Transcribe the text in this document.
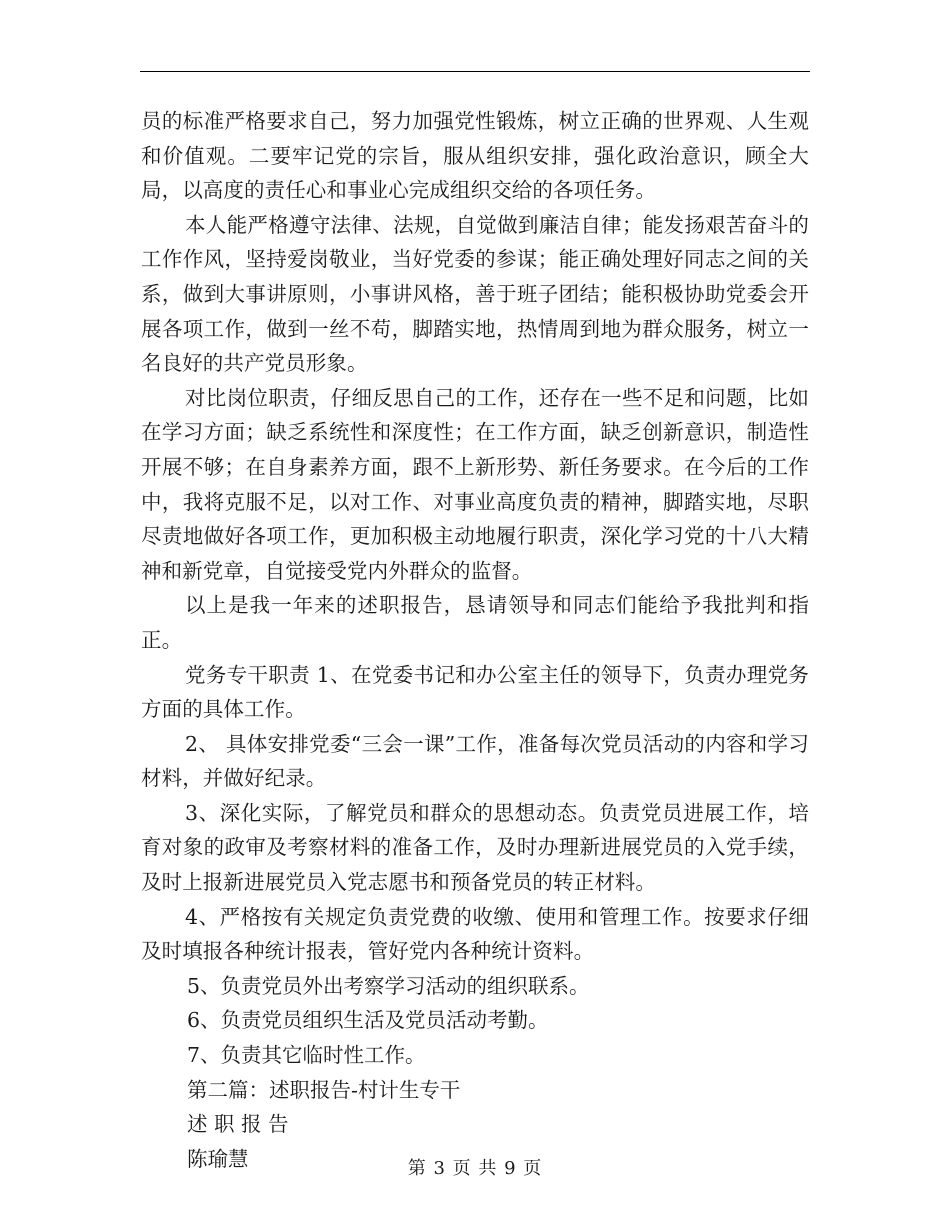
员的标准严格要求自己，努力加强党性锻炼，树立正确的世界观、人生观和价值观。二要牢记党的宗旨，服从组织安排，强化政治意识，顾全大局，以高度的责任心和事业心完成组织交给的各项任务。

本人能严格遵守法律、法规，自觉做到廉洁自律；能发扬艰苦奋斗的工作作风，坚持爱岗敬业，当好党委的参谋；能正确处理好同志之间的关系，做到大事讲原则，小事讲风格，善于班子团结；能积极协助党委会开展各项工作，做到一丝不苟，脚踏实地，热情周到地为群众服务，树立一名良好的共产党员形象。

对比岗位职责，仔细反思自己的工作，还存在一些不足和问题，比如在学习方面；缺乏系统性和深度性；在工作方面，缺乏创新意识，制造性开展不够；在自身素养方面，跟不上新形势、新任务要求。在今后的工作中，我将克服不足，以对工作、对事业高度负责的精神，脚踏实地，尽职尽责地做好各项工作，更加积极主动地履行职责，深化学习党的十八大精神和新党章，自觉接受党内外群众的监督。

以上是我一年来的述职报告，恳请领导和同志们能给予我批判和指正。

党务专干职责 1、在党委书记和办公室主任的领导下，负责办理党务方面的具体工作。

2、 具体安排党委“三会一课”工作，准备每次党员活动的内容和学习材料，并做好纪录。

3、深化实际，了解党员和群众的思想动态。负责党员进展工作，培育对象的政审及考察材料的准备工作，及时办理新进展党员的入党手续，及时上报新进展党员入党志愿书和预备党员的转正材料。

4、严格按有关规定负责党费的收缴、使用和管理工作。按要求仔细及时填报各种统计报表，管好党内各种统计资料。

5、负责党员外出考察学习活动的组织联系。

6、负责党员组织生活及党员活动考勤。

7、负责其它临时性工作。

第二篇：述职报告-村计生专干

述 职 报 告

陈瑜慧	第 3 页 共 9 页
